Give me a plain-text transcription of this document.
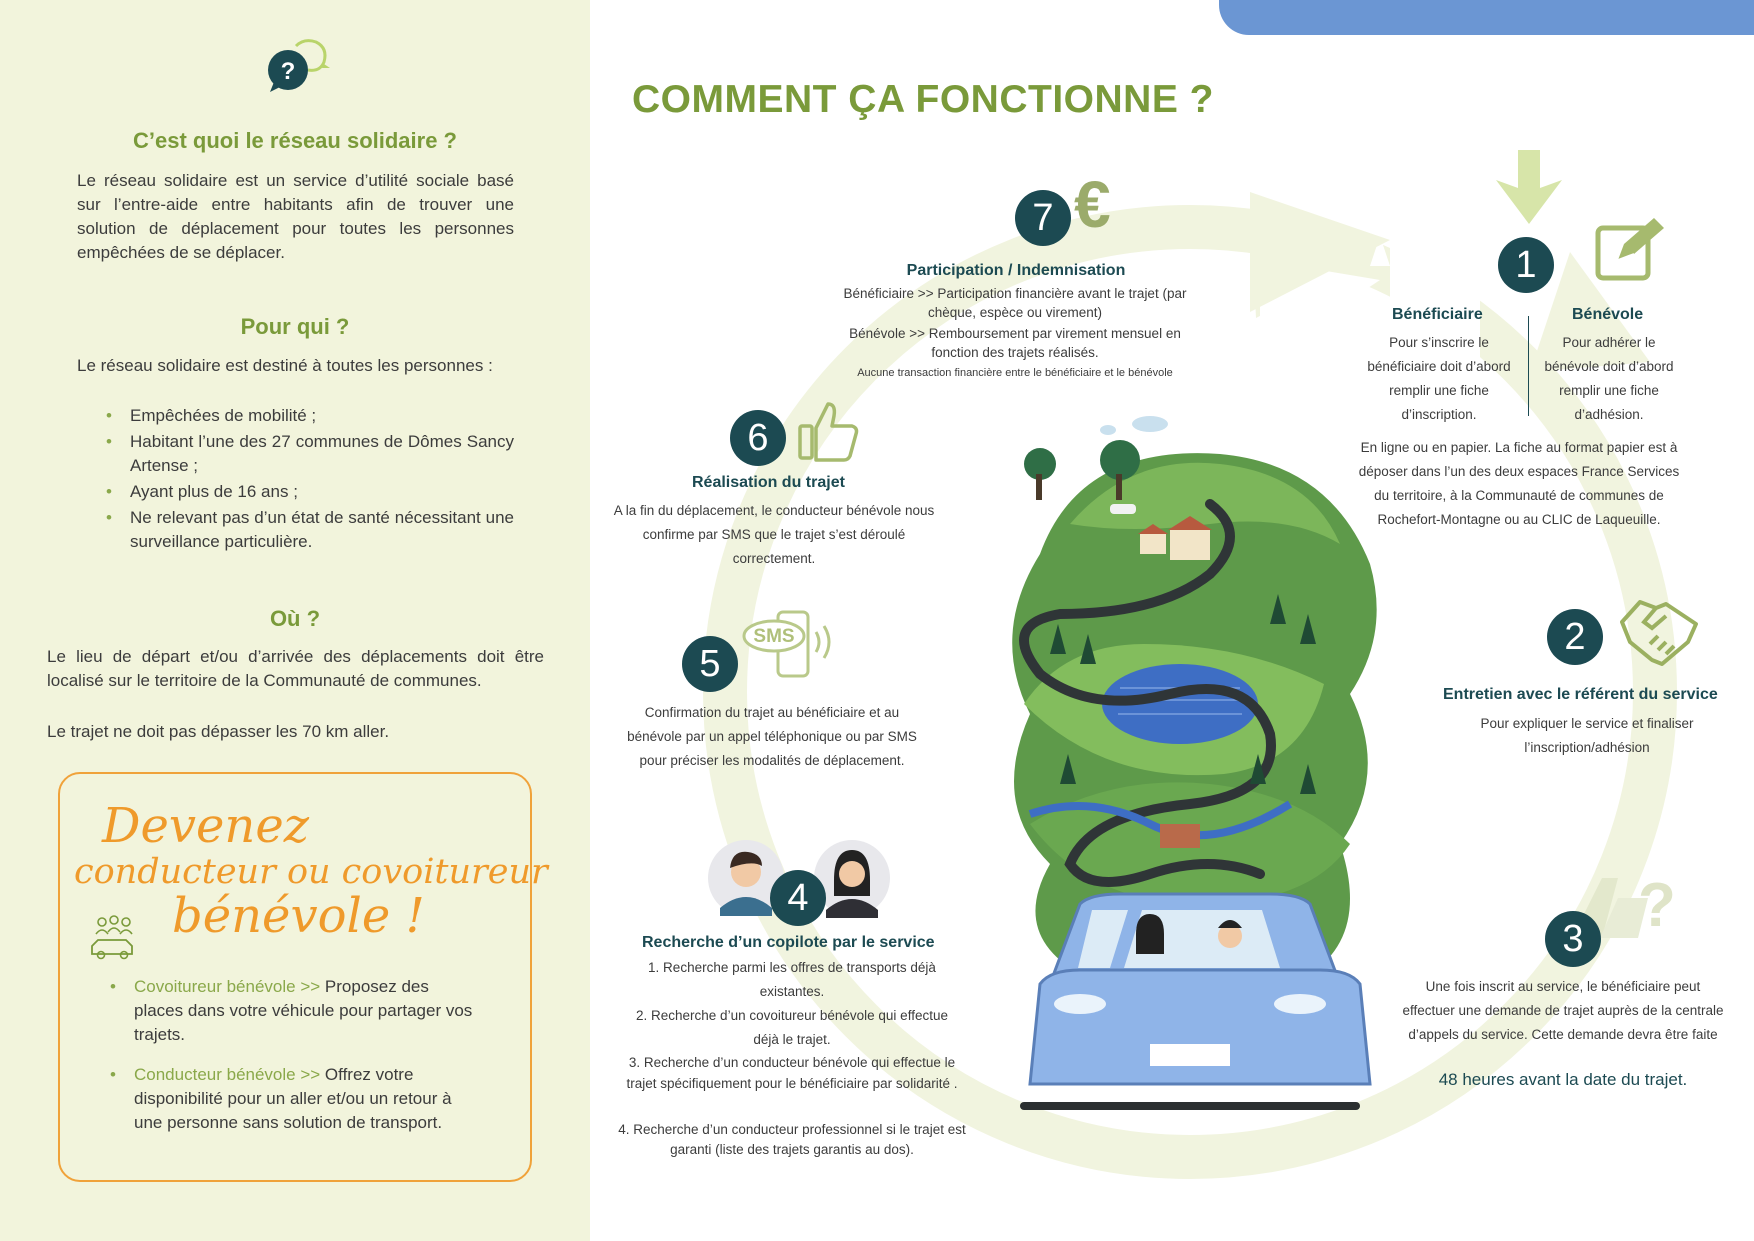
?
C’est quoi le réseau solidaire ?
Le réseau solidaire est un service d’utilité sociale basé sur l’entre-aide entre habitants afin de trouver une solution de déplacement pour toutes les personnes empêchées de se déplacer.
Pour qui ?
Le réseau solidaire est destiné à toutes les personnes :
• Empêchées de mobilité ;
• Habitant l’une des 27 communes de Dômes Sancy Artense ;
• Ayant plus de 16 ans ;
• Ne relevant pas d’un état de santé nécessitant une surveillance particulière.
Où ?
Le lieu de départ et/ou d’arrivée des déplacements doit être localisé sur le territoire de la Communauté de communes.
Le trajet ne doit pas dépasser les 70 km aller.
Devenez
conducteur ou covoitureur
bénévole !
• Covoitureur bénévole >> Proposez des places dans votre véhicule pour partager vos trajets.
• Conducteur bénévole >> Offrez votre disponibilité pour un aller et/ou un retour à une personne sans solution de transport.
COMMENT ÇA FONCTIONNE ?
1
Bénéficiaire
Pour s’inscrire le bénéficiaire doit d’abord remplir une fiche d’inscription.
Bénévole
Pour adhérer le bénévole doit d’abord remplir une fiche d’adhésion.
En ligne ou en papier. La fiche au format papier est à déposer dans l’un des deux espaces France Services du territoire, à la Communauté de communes de Rochefort-Montagne ou au CLIC de Laqueuille.
2
Entretien avec le référent du service
Pour expliquer le service et finaliser l’inscription/adhésion
?
3
Une fois inscrit au service, le bénéficiaire peut effectuer une demande de trajet auprès de la centrale d’appels du service. Cette demande devra être faite
48 heures avant la date du trajet.
7 €
Participation / Indemnisation
Bénéficiaire >> Participation financière avant le trajet (par chèque, espèce ou virement)
Bénévole >> Remboursement par virement mensuel en fonction des trajets réalisés.
Aucune transaction financière entre le bénéficiaire et le bénévole
6
Réalisation du trajet
A la fin du déplacement, le conducteur bénévole nous confirme par SMS que le trajet s’est déroulé correctement.
SMS
5
Confirmation du trajet au bénéficiaire et au bénévole par un appel téléphonique ou par SMS pour préciser les modalités de déplacement.
4
Recherche d’un copilote par le service
1. Recherche parmi les offres de transports déjà existantes.
2. Recherche d’un covoitureur bénévole qui effectue déjà le trajet.
3. Recherche d’un conducteur bénévole qui effectue le trajet spécifiquement pour le bénéficiaire par solidarité .
4. Recherche d’un conducteur professionnel si le trajet est garanti (liste des trajets garantis au dos).
